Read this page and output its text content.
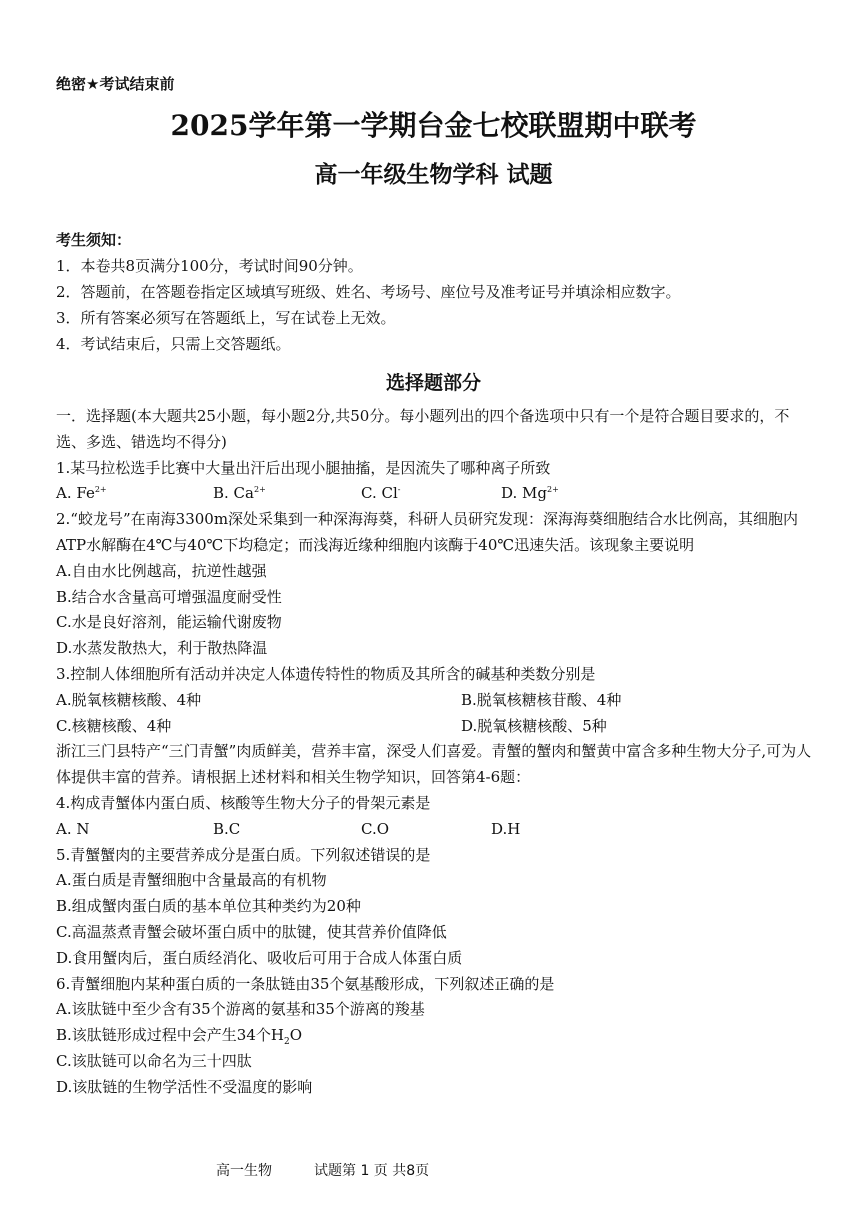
绝密★考试结束前
2025学年第一学期台金七校联盟期中联考
高一年级生物学科 试题
考生须知：
1．本卷共8页满分100分，考试时间90分钟。
2．答题前，在答题卷指定区域填写班级、姓名、考场号、座位号及准考证号并填涂相应数字。
3．所有答案必须写在答题纸上，写在试卷上无效。
4．考试结束后，只需上交答题纸。
选择题部分
一．选择题(本大题共25小题，每小题2分,共50分。每小题列出的四个备选项中只有一个是符合题目要求的，不选、多选、错选均不得分)
1.某马拉松选手比赛中大量出汗后出现小腿抽搐，是因流失了哪种离子所致
A. $Fe^{2+}$	B. $Ca^{2+}$	C. Cl-	D. $Mg^{2+}$
2.“蛟龙号”在南海3300m深处采集到一种深海海葵，科研人员研究发现：深海海葵细胞结合水比例高，其细胞内ATP水解酶在4℃与40℃下均稳定；而浅海近缘种细胞内该酶于40℃迅速失活。该现象主要说明
A.自由水比例越高，抗逆性越强
B.结合水含量高可增强温度耐受性
C.水是良好溶剂，能运输代谢废物
D.水蒸发散热大，利于散热降温
3.控制人体细胞所有活动并决定人体遗传特性的物质及其所含的碱基种类数分别是
A.脱氧核糖核酸、4种	B.脱氧核糖核苷酸、4种
C.核糖核酸、4种	D.脱氧核糖核酸、5种
浙江三门县特产“三门青蟹”肉质鲜美，营养丰富，深受人们喜爱。青蟹的蟹肉和蟹黄中富含多种生物大分子,可为人体提供丰富的营养。请根据上述材料和相关生物学知识，回答第4-6题：
4.构成青蟹体内蛋白质、核酸等生物大分子的骨架元素是
A. N	B.C	C.O	D.H
5.青蟹蟹肉的主要营养成分是蛋白质。下列叙述错误的是
A.蛋白质是青蟹细胞中含量最高的有机物
B.组成蟹肉蛋白质的基本单位其种类约为20种
C.高温蒸煮青蟹会破坏蛋白质中的肽键，使其营养价值降低
D.食用蟹肉后，蛋白质经消化、吸收后可用于合成人体蛋白质
6.青蟹细胞内某种蛋白质的一条肽链由35个氨基酸形成，下列叙述正确的是
A.该肽链中至少含有35个游离的氨基和35个游离的羧基
B.该肽链形成过程中会产生34个$H_2O$
C.该肽链可以命名为三十四肽
D.该肽链的生物学活性不受温度的影响
高一生物	试题第 1 页 共8页
